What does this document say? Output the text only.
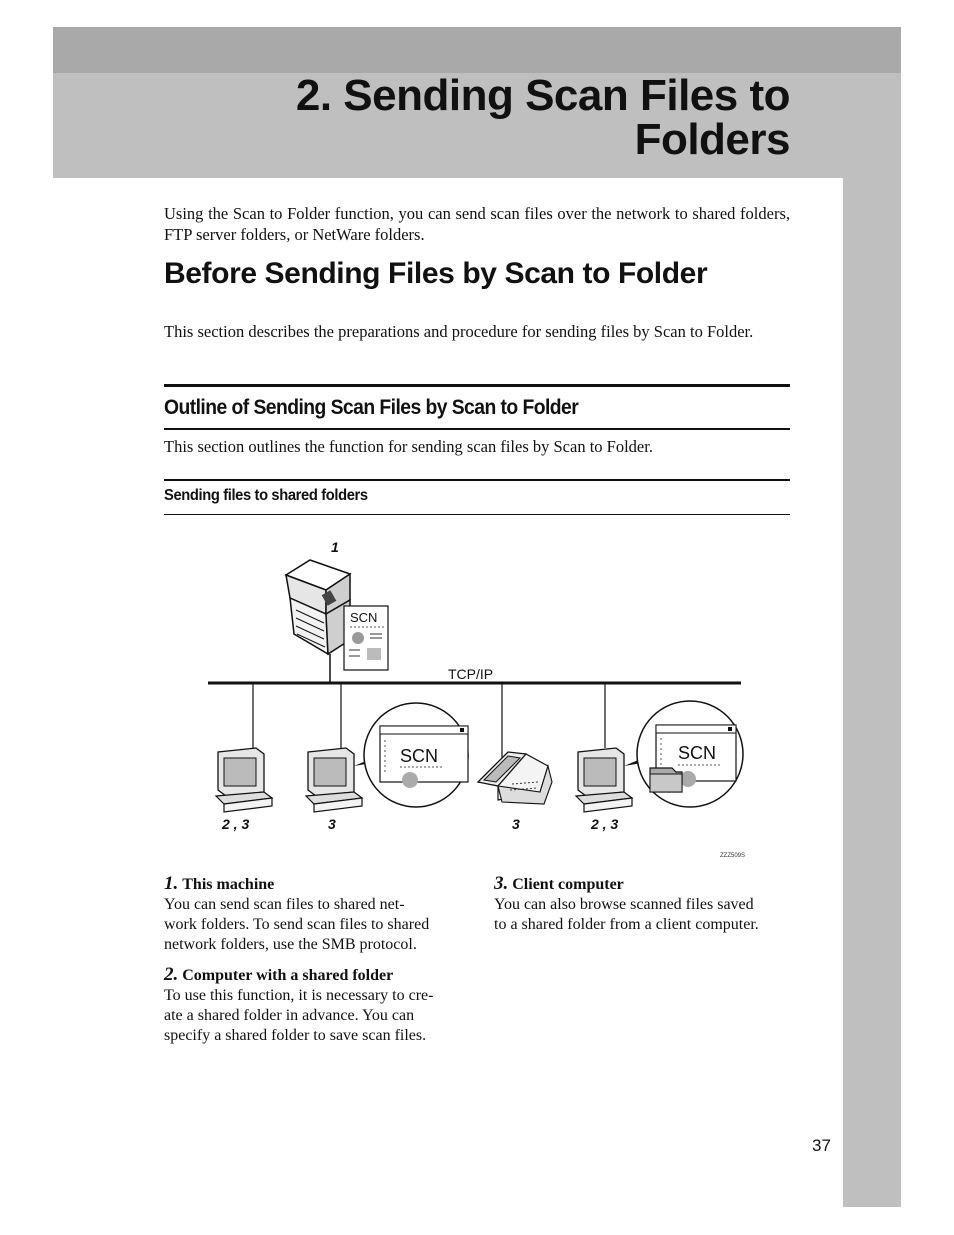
2. Sending Scan Files to
Folders

Using the Scan to Folder function, you can send scan files over the network to shared folders, FTP server folders, or NetWare folders.

Before Sending Files by Scan to Folder

This section describes the preparations and procedure for sending files by Scan to Folder.

Outline of Sending Scan Files by Scan to Folder

This section outlines the function for sending scan files by Scan to Folder.

Sending files to shared folders
TCP/IP
1
SCN
SCN	SCN
2 , 3	3	3	2 , 3
ZZZ509S
1. This machine

You can send scan files to shared net-

work folders. To send scan files to shared

network folders, use the SMB protocol.

2. Computer with a shared folder

To use this function, it is necessary to cre-

ate a shared folder in advance. You can

specify a shared folder to save scan files.

3. Client computer

You can also browse scanned files saved

to a shared folder from a client computer.

37
